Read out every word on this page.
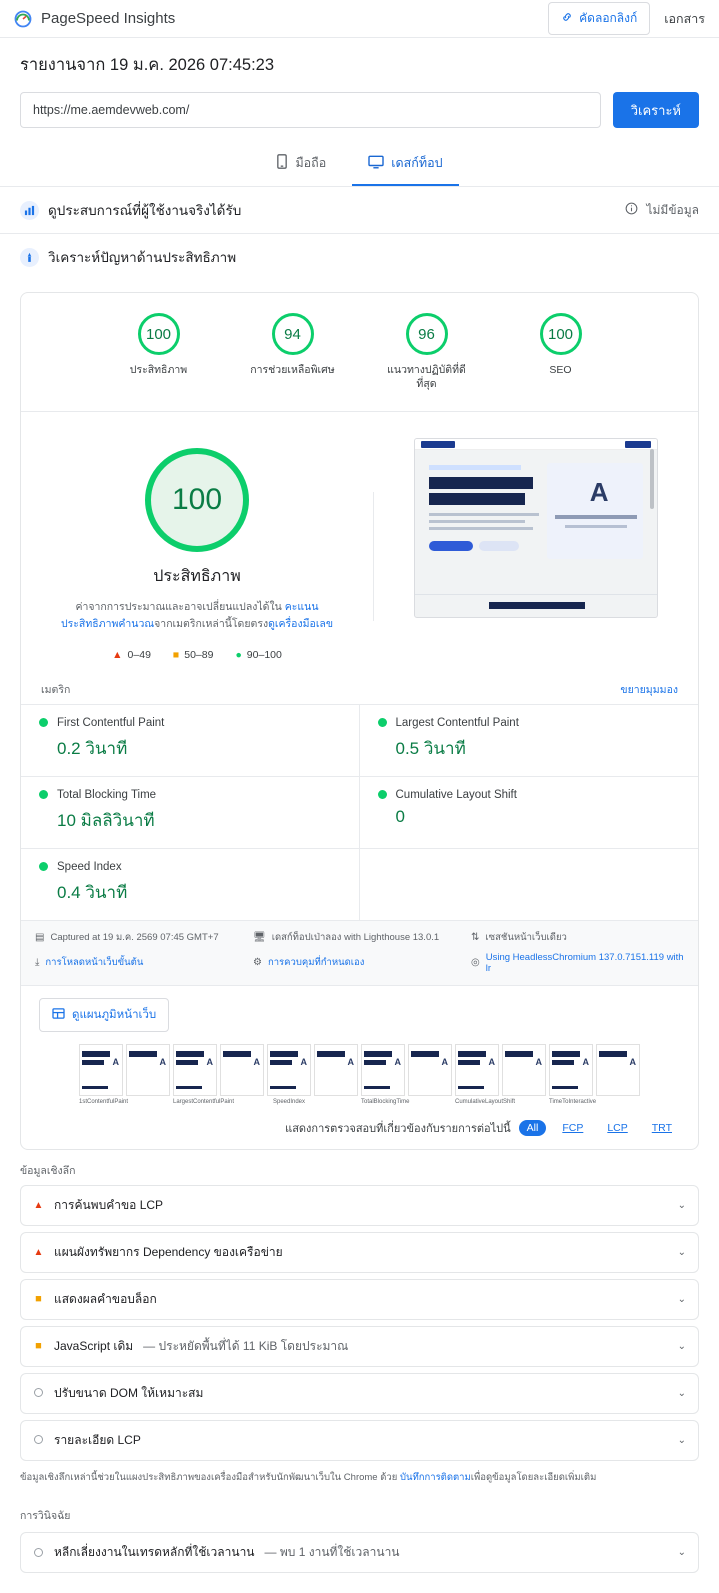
PageSpeed Insights	คัดลอกลิงก์ เอกสาร
รายงานจาก 19 ม.ค. 2026 07:45:23
https://me.aemdevweb.com/
วิเคราะห์
มือถือ	เดสก์ท็อป
ดูประสบการณ์ที่ผู้ใช้งานจริงได้รับ	ไม่มีข้อมูล
วิเคราะห์ปัญหาด้านประสิทธิภาพ
100
ประสิทธิภาพ
94
การช่วยเหลือพิเศษ
96
แนวทางปฏิบัติที่ดีที่สุด
100
SEO
100
ประสิทธิภาพ
ค่าจากการประมาณและอาจเปลี่ยนแปลงได้ใน คะแนนประสิทธิภาพคำนวณจากเมตริกเหล่านี้โดยตรงดูเครื่องมือเลข
▲ 0–49 ■ 50–89 ● 90–100
A
เมตริก	ขยายมุมมอง
First Contentful Paint
0.2 วินาที
Largest Contentful Paint
0.5 วินาที
Total Blocking Time
10 มิลลิวินาที
Cumulative Layout Shift
0
Speed Index
0.4 วินาที
▤ Captured at 19 ม.ค. 2569 07:45 GMT+7	🖥 เดสก์ท็อปเป่าลอง with Lighthouse 13.0.1	⇅ เซสชันหน้าเว็บเดียว
⤓ การโหลดหน้าเว็บขั้นต้น	⚙ การควบคุมที่กำหนดเอง	◎ Using HeadlessChromium 137.0.7151.119 with lr
ดูแผนภูมิหน้าเว็บ
A
1stContentfulPaint
A	A
LargestContentfulPaint
A	A
SpeedIndex
A	A
TotalBlockingTime
A	A
CumulativeLayoutShift
A	A
TimeToInteractive
A
แสดงการตรวจสอบที่เกี่ยวข้องกับรายการต่อไปนี้	All	FCP	LCP	TRT
ข้อมูลเชิงลึก
▲ การค้นพบคำขอ LCP	⌄
▲ แผนผังทรัพยากร Dependency ของเครือข่าย	⌄
■ แสดงผลคำขอบล็อก	⌄
■ JavaScript เดิม — ประหยัดพื้นที่ได้ 11 KiB โดยประมาณ	⌄
ปรับขนาด DOM ให้เหมาะสม	⌄
รายละเอียด LCP	⌄
ข้อมูลเชิงลึกเหล่านี้ช่วยในแผงประสิทธิภาพของเครื่องมือสำหรับนักพัฒนาเว็บใน Chrome ด้วย บันทึกการติดตามเพื่อดูข้อมูลโดยละเอียดเพิ่มเติม
การวินิจฉัย
หลีกเลี่ยงงานในเทรดหลักที่ใช้เวลานาน — พบ 1 งานที่ใช้เวลานาน	⌄
